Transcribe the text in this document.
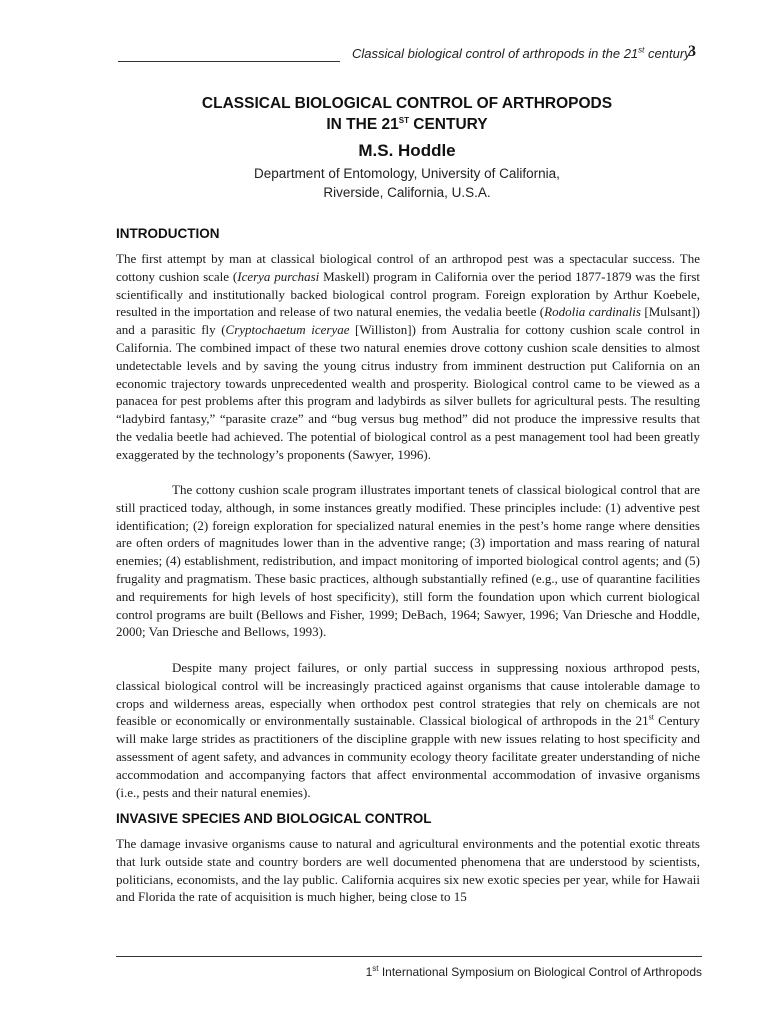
Classical biological control of arthropods in the 21st century
3
CLASSICAL BIOLOGICAL CONTROL OF ARTHROPODS
IN THE 21ST CENTURY
M.S. Hoddle
Department of Entomology, University of California,
Riverside, California, U.S.A.
INTRODUCTION

The first attempt by man at classical biological control of an arthropod pest was a spectacular success. The cottony cushion scale (Icerya purchasi Maskell) program in California over the period 1877-1879 was the first scientifically and institutionally backed biological control program. Foreign exploration by Arthur Koebele, resulted in the importation and release of two natural enemies, the vedalia beetle (Rodolia cardinalis [Mulsant]) and a parasitic fly (Cryptochaetum iceryae [Williston]) from Australia for cottony cushion scale control in California. The combined impact of these two natural enemies drove cottony cushion scale densities to almost undetectable levels and by saving the young citrus industry from imminent destruction put California on an economic trajectory towards unprecedented wealth and prosperity. Biological control came to be viewed as a panacea for pest problems after this program and ladybirds as silver bullets for agricultural pests. The resulting “ladybird fantasy,” “parasite craze” and “bug versus bug method” did not produce the impressive results that the vedalia beetle had achieved. The potential of biological control as a pest management tool had been greatly exaggerated by the technology’s proponents (Sawyer, 1996).

The cottony cushion scale program illustrates important tenets of classical biological control that are still practiced today, although, in some instances greatly modified. These principles include: (1) adventive pest identification; (2) foreign exploration for specialized natural enemies in the pest’s home range where densities are often orders of magnitudes lower than in the adventive range; (3) importation and mass rearing of natural enemies; (4) establishment, redistribution, and impact monitoring of imported biological control agents; and (5) frugality and pragmatism. These basic practices, although substantially refined (e.g., use of quarantine facilities and requirements for high levels of host specificity), still form the foundation upon which current biological control programs are built (Bellows and Fisher, 1999; DeBach, 1964; Sawyer, 1996; Van Driesche and Hoddle, 2000; Van Driesche and Bellows, 1993).

Despite many project failures, or only partial success in suppressing noxious arthropod pests, classical biological control will be increasingly practiced against organisms that cause intolerable damage to crops and wilderness areas, especially when orthodox pest control strategies that rely on chemicals are not feasible or economically or environmentally sustainable. Classical biological of arthropods in the 21st Century will make large strides as practitioners of the discipline grapple with new issues relating to host specificity and assessment of agent safety, and advances in community ecology theory facilitate greater understanding of niche accommodation and accompanying factors that affect environmental accommodation of invasive organisms (i.e., pests and their natural enemies).

INVASIVE SPECIES AND BIOLOGICAL CONTROL

The damage invasive organisms cause to natural and agricultural environments and the potential exotic threats that lurk outside state and country borders are well documented phenomena that are understood by scientists, politicians, economists, and the lay public. California acquires six new exotic species per year, while for Hawaii and Florida the rate of acquisition is much higher, being close to 15

1st International Symposium on Biological Control of Arthropods
